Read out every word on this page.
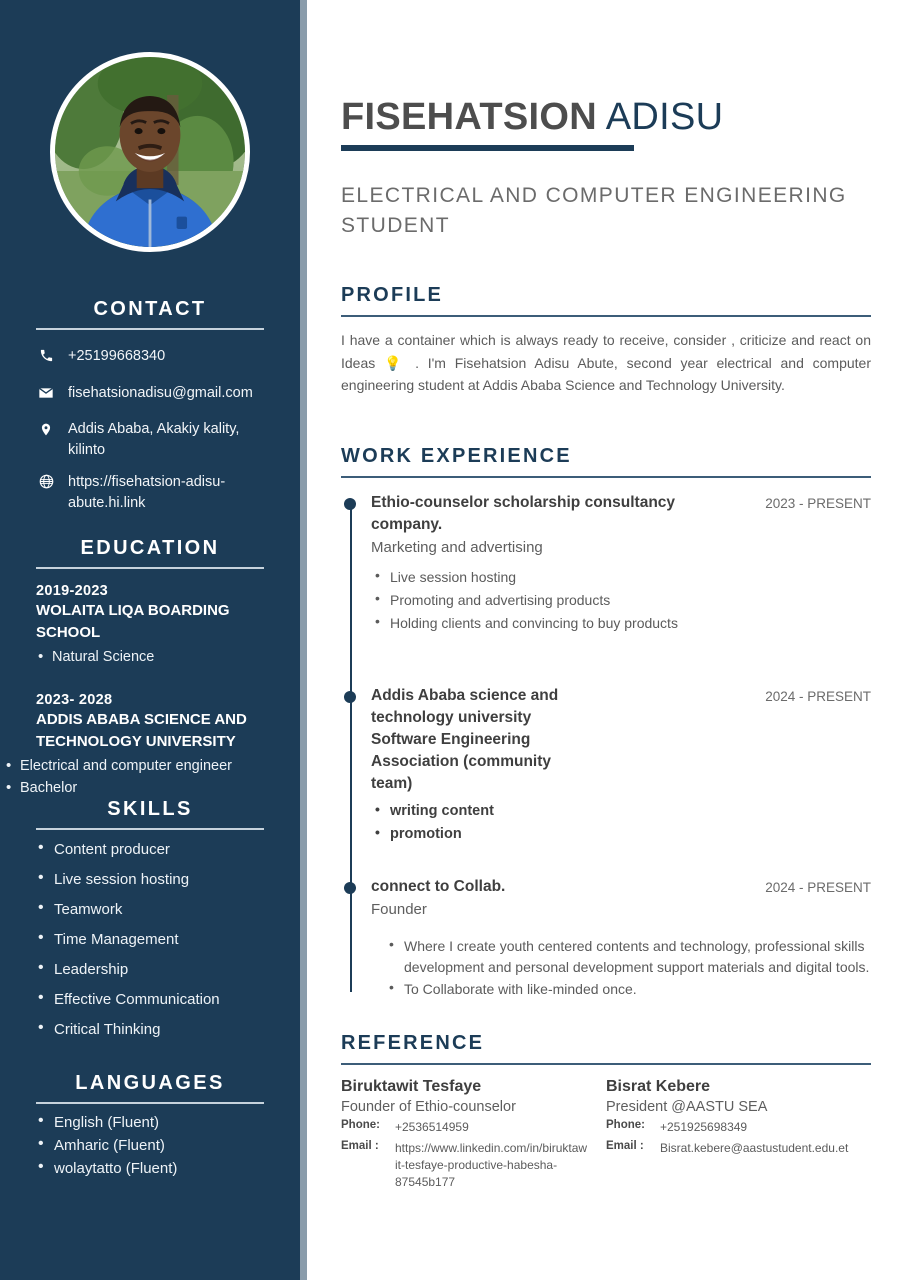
CONTACT
+25199668340
fisehatsionadisu@gmail.com
Addis Ababa, Akakiy kality, kilinto
https://fisehatsion-adisu-abute.hi.link
EDUCATION
2019-2023
WOLAITA LIQA BOARDING SCHOOL
• Natural Science
2023- 2028
ADDIS ABABA SCIENCE AND TECHNOLOGY UNIVERSITY
• Electrical and computer engineer
• Bachelor
SKILLS
• Content producer
• Live session hosting
• Teamwork
• Time Management
• Leadership
• Effective Communication
• Critical Thinking
LANGUAGES
• English (Fluent)
• Amharic (Fluent)
• wolaytatto (Fluent)
FISEHATSION ADISU
ELECTRICAL AND COMPUTER ENGINEERING STUDENT
PROFILE

I have a container which is always ready to receive, consider , criticize and react on Ideas 💡 . I'm Fisehatsion Adisu Abute, second year electrical and computer engineering student at Addis Ababa Science and Technology University.

WORK EXPERIENCE
Ethio-counselor scholarship consultancy company.
Marketing and advertising
2023 - PRESENT
• Live session hosting
• Promoting and advertising products
• Holding clients and convincing to buy products
Addis Ababa science and technology university Software Engineering Association (community team)
2024 - PRESENT
• writing content
• promotion
connect to Collab.
Founder
2024 - PRESENT
• Where I create youth centered contents and technology, professional skills development and personal development support materials and digital tools.
• To Collaborate with like-minded once.
REFERENCE
Biruktawit Tesfaye
Founder of Ethio-counselor
Phone:	+2536514959
Email :	https://www.linkedin.com/in/biruktawit-tesfaye-productive-habesha-87545b177
Bisrat Kebere
President @AASTU SEA
Phone:	+251925698349
Email :	Bisrat.kebere@aastustudent.edu.et
